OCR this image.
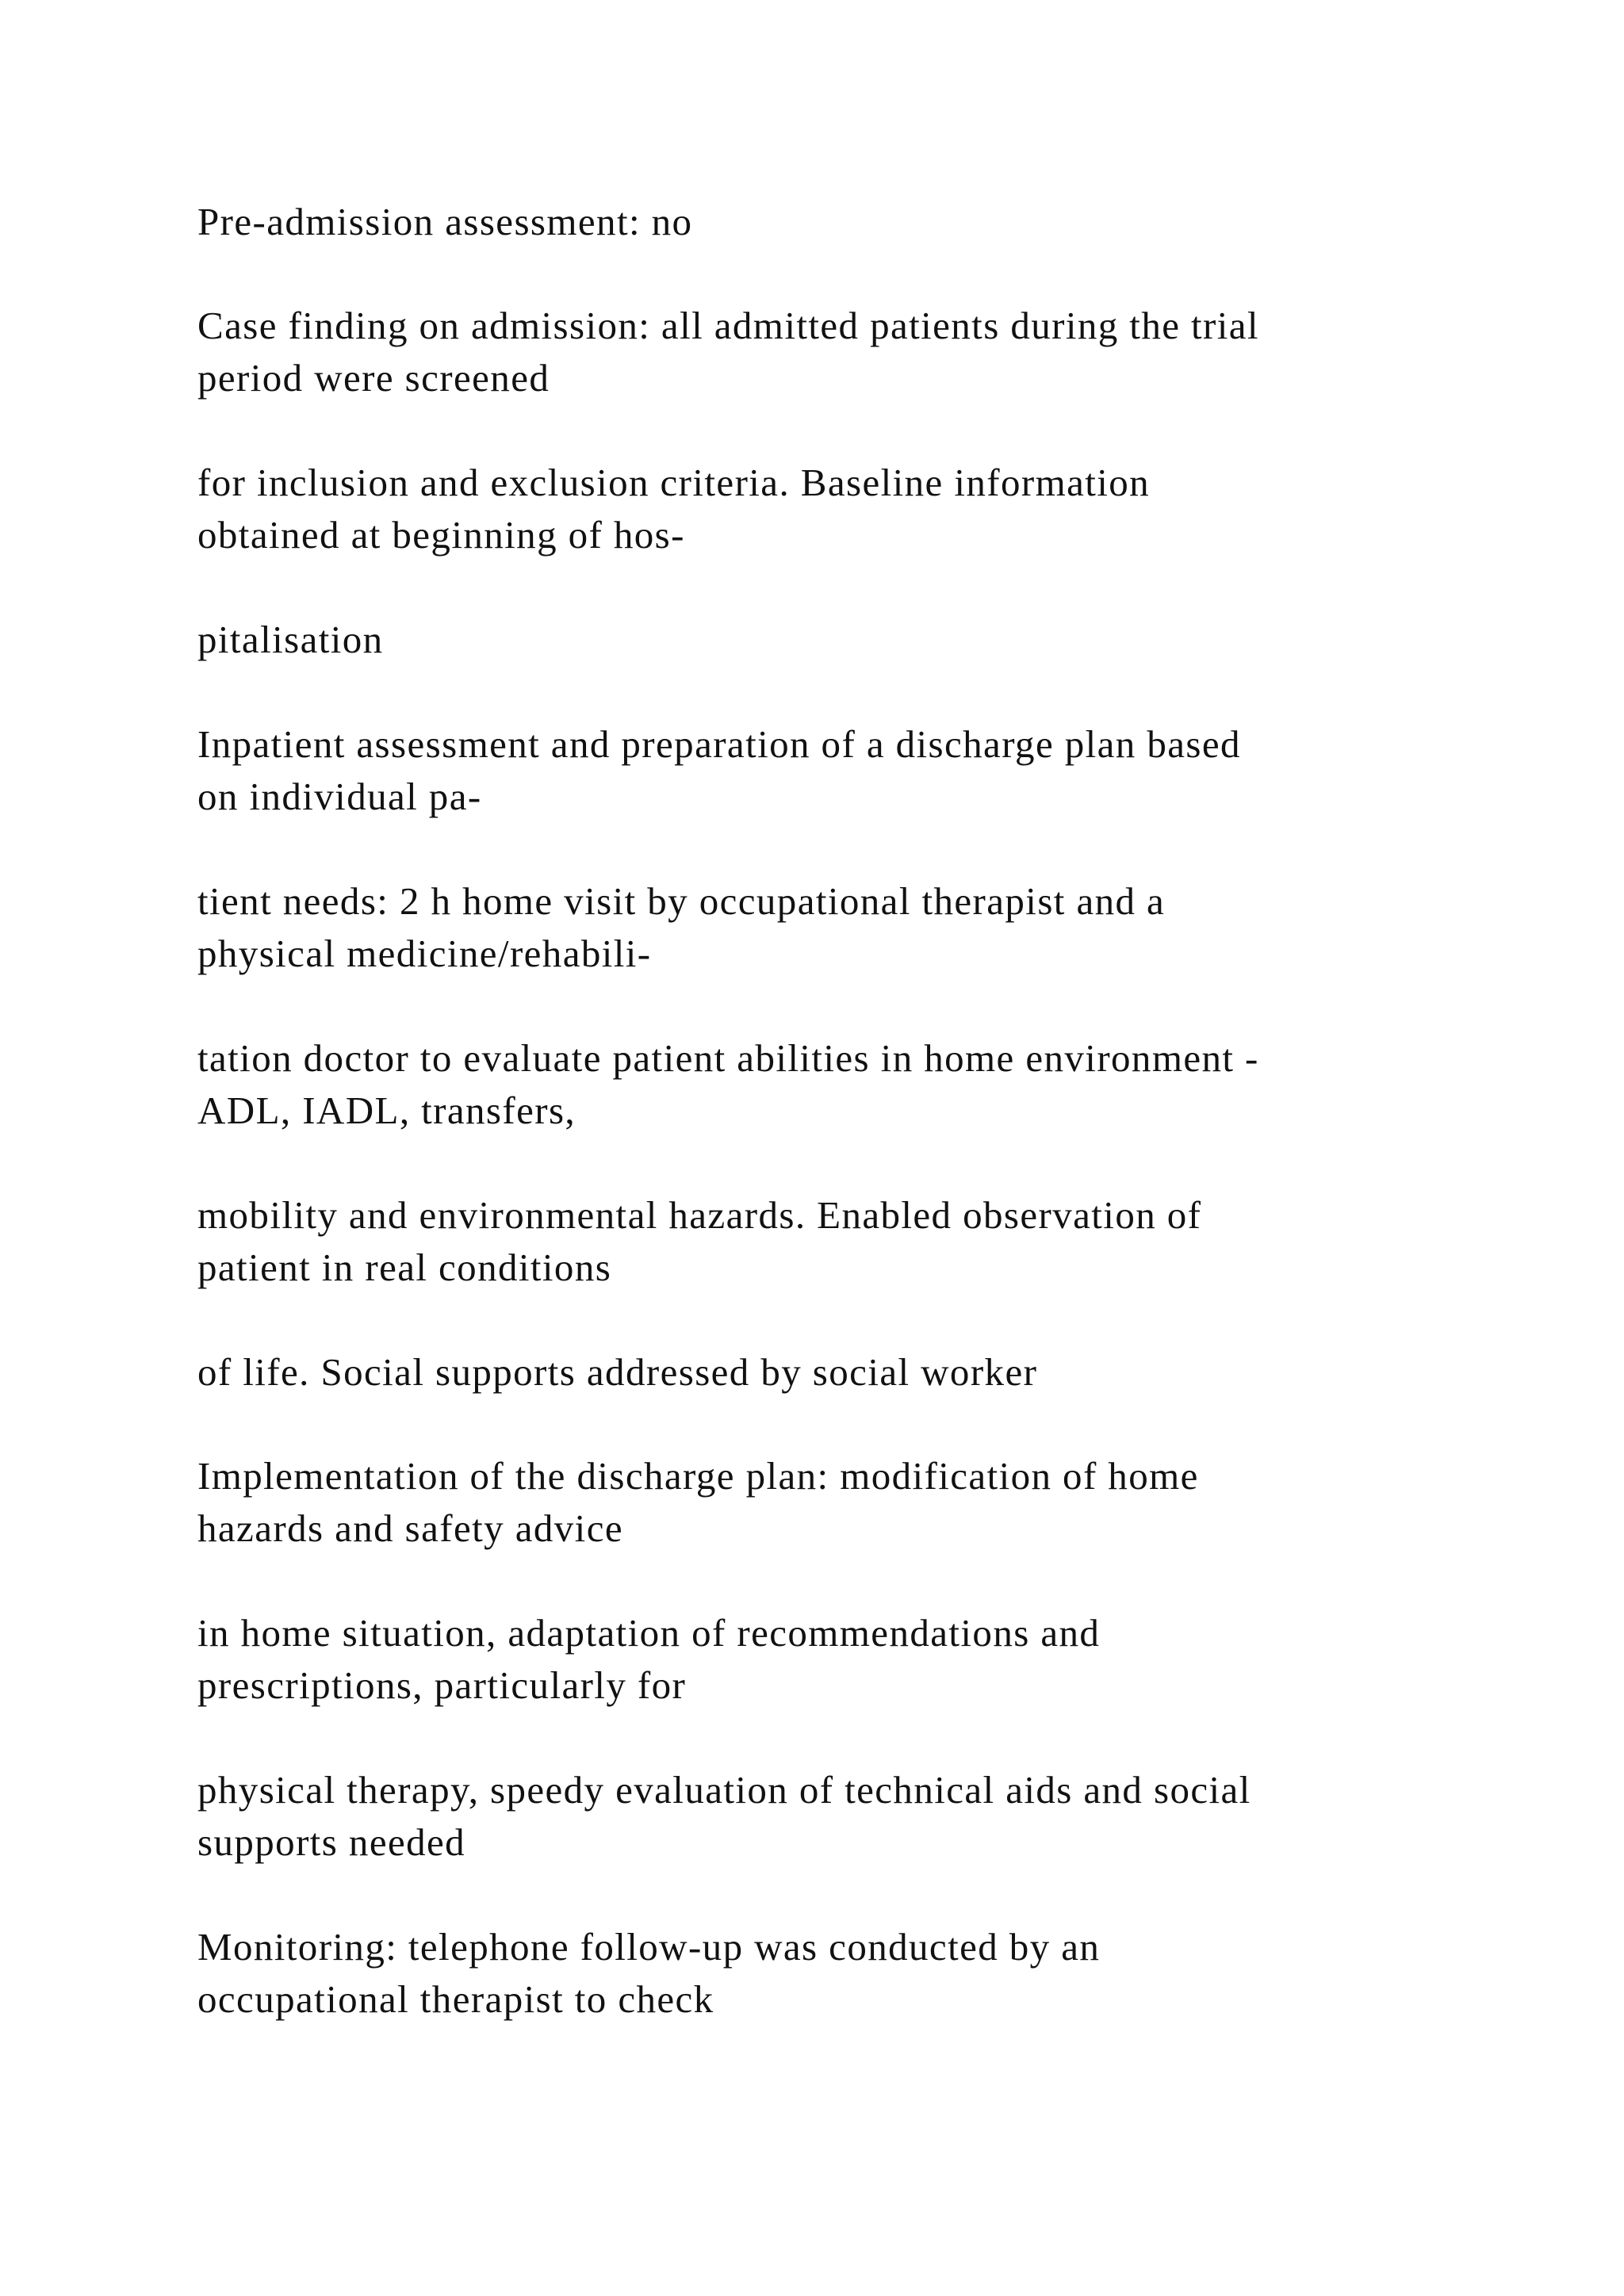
Pre-admission assessment: no

Case finding on admission: all admitted patients during the trial
period were screened

for inclusion and exclusion criteria. Baseline information
obtained at beginning of hos-

pitalisation

Inpatient assessment and preparation of a discharge plan based
on individual pa-

tient needs: 2 h home visit by occupational therapist and a
physical medicine/rehabili-

tation doctor to evaluate patient abilities in home environment -
ADL, IADL, transfers,

mobility and environmental hazards. Enabled observation of
patient in real conditions

of life. Social supports addressed by social worker

Implementation of the discharge plan: modification of home
hazards and safety advice

in home situation, adaptation of recommendations and
prescriptions, particularly for

physical therapy, speedy evaluation of technical aids and social
supports needed

Monitoring: telephone follow-up was conducted by an
occupational therapist to check
